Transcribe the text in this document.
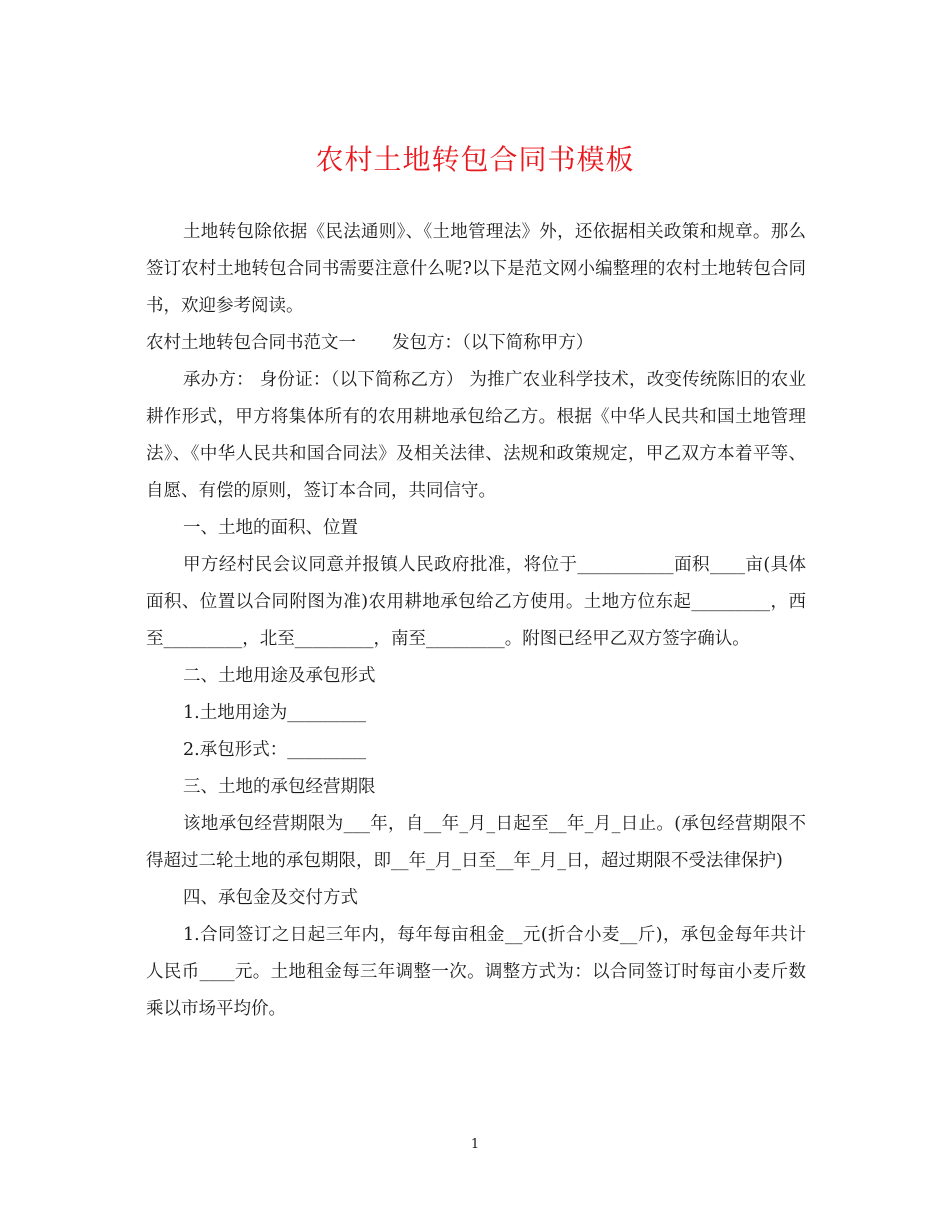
农村土地转包合同书模板

土地转包除依据《民法通则》、《土地管理法》外，还依据相关政策和规章。那么签订农村土地转包合同书需要注意什么呢?以下是范文网小编整理的农村土地转包合同书，欢迎参考阅读。

农村土地转包合同书范文一 发包方：（以下简称甲方）

承办方： 身份证：（以下简称乙方） 为推广农业科学技术，改变传统陈旧的农业耕作形式，甲方将集体所有的农用耕地承包给乙方。根据《中华人民共和国土地管理法》、《中华人民共和国合同法》及相关法律、法规和政策规定，甲乙双方本着平等、自愿、有偿的原则，签订本合同，共同信守。

一、土地的面积、位置

甲方经村民会议同意并报镇人民政府批准，将位于___________面积____亩(具体面积、位置以合同附图为准)农用耕地承包给乙方使用。土地方位东起_________，西至_________，北至_________，南至_________。附图已经甲乙双方签字确认。

二、土地用途及承包形式

1.土地用途为_________

2.承包形式：_________

三、土地的承包经营期限

该地承包经营期限为___年，自__年_月_日起至__年_月_日止。(承包经营期限不得超过二轮土地的承包期限，即__年_月_日至__年_月_日，超过期限不受法律保护)

四、承包金及交付方式

1.合同签订之日起三年内，每年每亩租金__元(折合小麦__斤)，承包金每年共计人民币____元。土地租金每三年调整一次。调整方式为：以合同签订时每亩小麦斤数乘以市场平均价。

1
